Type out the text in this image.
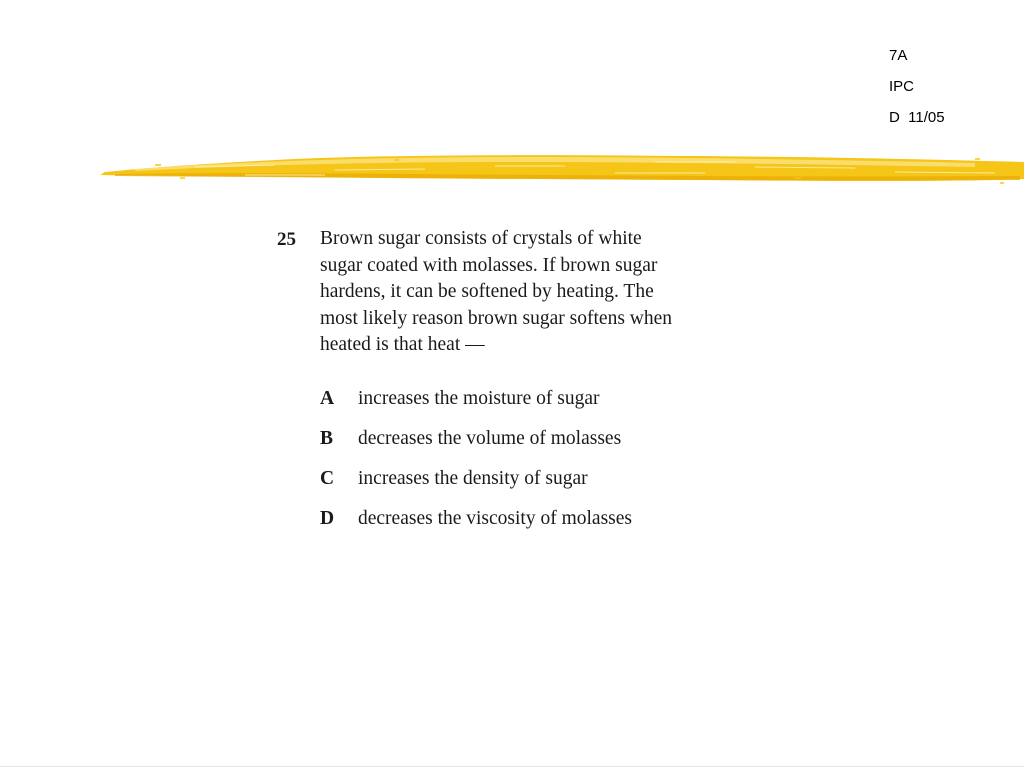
7A
IPC
D  11/05
25 Brown sugar consists of crystals of white
sugar coated with molasses. If brown sugar
hardens, it can be softened by heating. The
most likely reason brown sugar softens when
heated is that heat —
A increases the moisture of sugar
B decreases the volume of molasses
C increases the density of sugar
D decreases the viscosity of molasses
